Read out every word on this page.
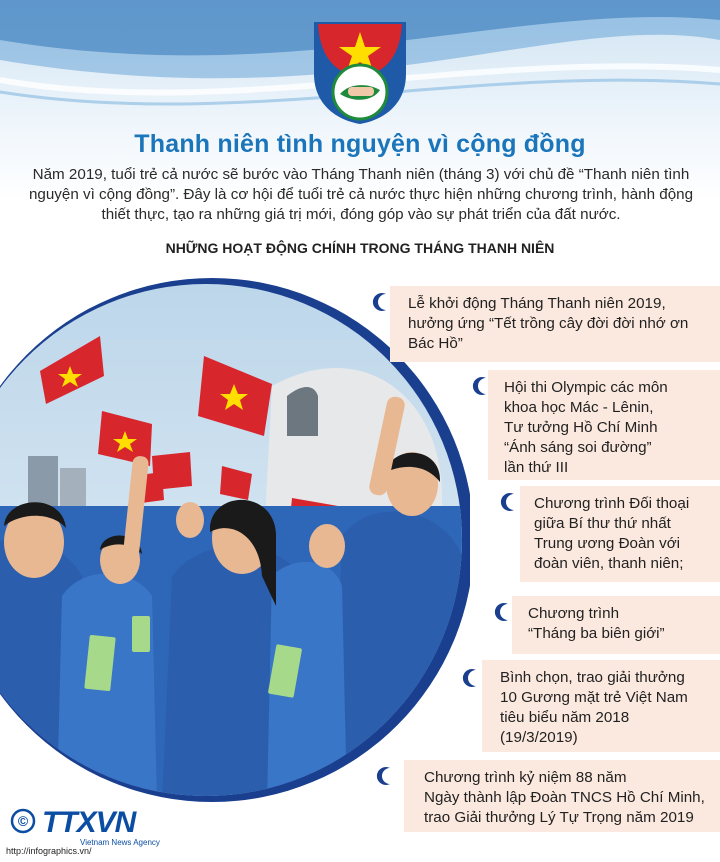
Thanh niên tình nguyện vì cộng đồng
Năm 2019, tuổi trẻ cả nước sẽ bước vào Tháng Thanh niên (tháng 3) với chủ đề “Thanh niên tình nguyện vì cộng đồng”. Đây là cơ hội để tuổi trẻ cả nước thực hiện những chương trình, hành động thiết thực, tạo ra những giá trị mới, đóng góp vào sự phát triển của đất nước.
NHỮNG HOẠT ĐỘNG CHÍNH TRONG THÁNG THANH NIÊN
Lễ khởi động Tháng Thanh niên 2019,
hưởng ứng “Tết trồng cây đời đời nhớ ơn
Bác Hồ”
Hội thi Olympic các môn
khoa học Mác - Lênin,
Tư tưởng Hồ Chí Minh
“Ánh sáng soi đường”
lần thứ III
Chương trình Đối thoại
giữa Bí thư thứ nhất
Trung ương Đoàn với
đoàn viên, thanh niên;
Chương trình
“Tháng ba biên giới”
Bình chọn, trao giải thưởng
10 Gương mặt trẻ Việt Nam
tiêu biểu năm 2018
(19/3/2019)
Chương trình kỷ niệm 88 năm
Ngày thành lập Đoàn TNCS Hồ Chí Minh,
trao Giải thưởng Lý Tự Trọng năm 2019
© TTXVN
Vietnam News Agency
http://infographics.vn/
